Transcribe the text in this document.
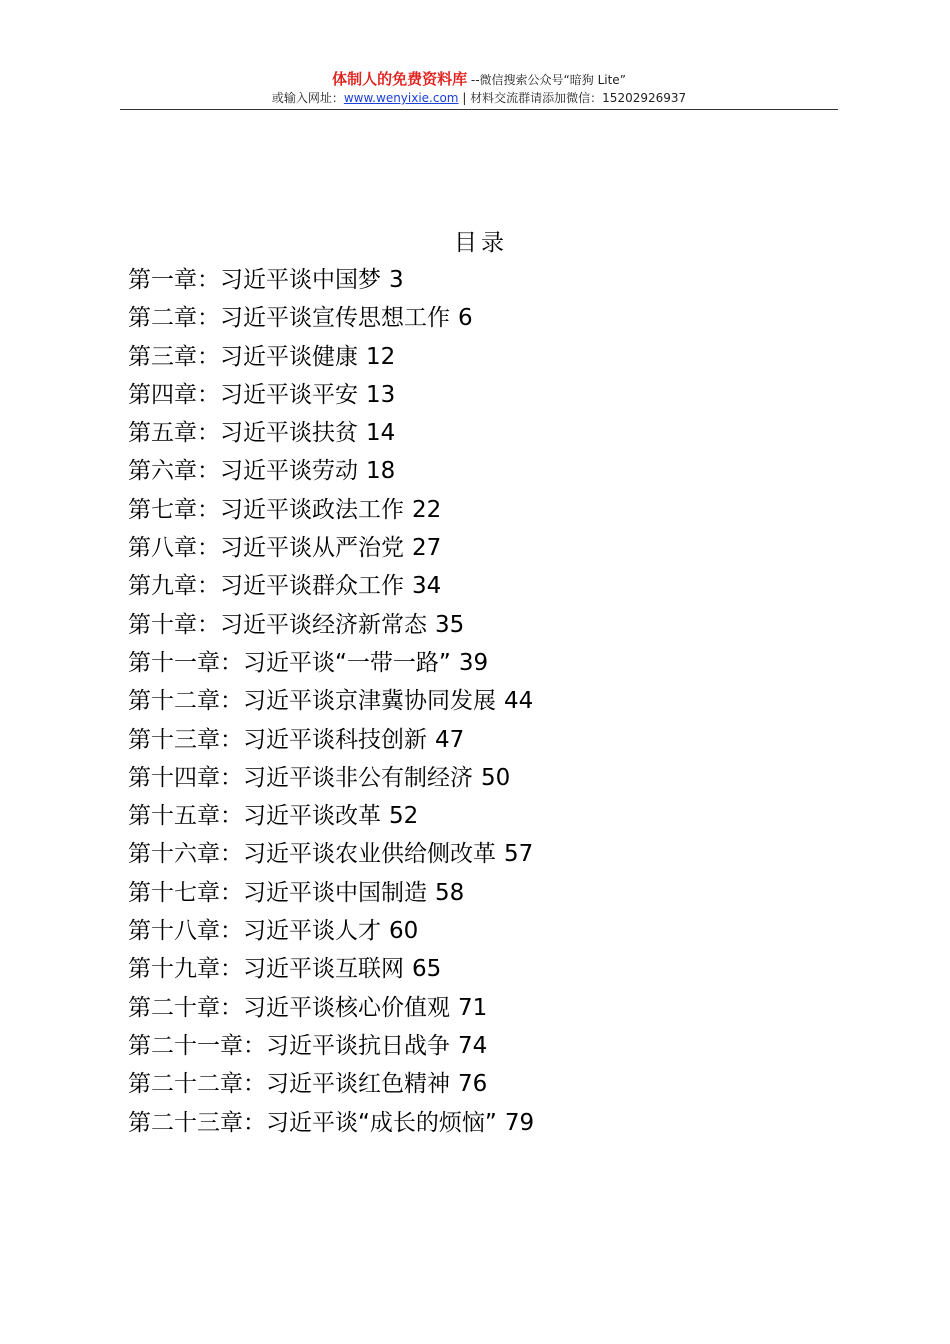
体制人的免费资料库 --微信搜索公众号“暗狗 Lite”
或输入网址：www.wenyixie.com | 材料交流群请添加微信：15202926937
目录
第一章：习近平谈中国梦 3
第二章：习近平谈宣传思想工作 6
第三章：习近平谈健康 12
第四章：习近平谈平安 13
第五章：习近平谈扶贫 14
第六章：习近平谈劳动 18
第七章：习近平谈政法工作 22
第八章：习近平谈从严治党 27
第九章：习近平谈群众工作 34
第十章：习近平谈经济新常态 35
第十一章：习近平谈“一带一路” 39
第十二章：习近平谈京津冀协同发展 44
第十三章：习近平谈科技创新 47
第十四章：习近平谈非公有制经济 50
第十五章：习近平谈改革 52
第十六章：习近平谈农业供给侧改革 57
第十七章：习近平谈中国制造 58
第十八章：习近平谈人才 60
第十九章：习近平谈互联网 65
第二十章：习近平谈核心价值观 71
第二十一章：习近平谈抗日战争 74
第二十二章：习近平谈红色精神 76
第二十三章：习近平谈“成长的烦恼” 79
